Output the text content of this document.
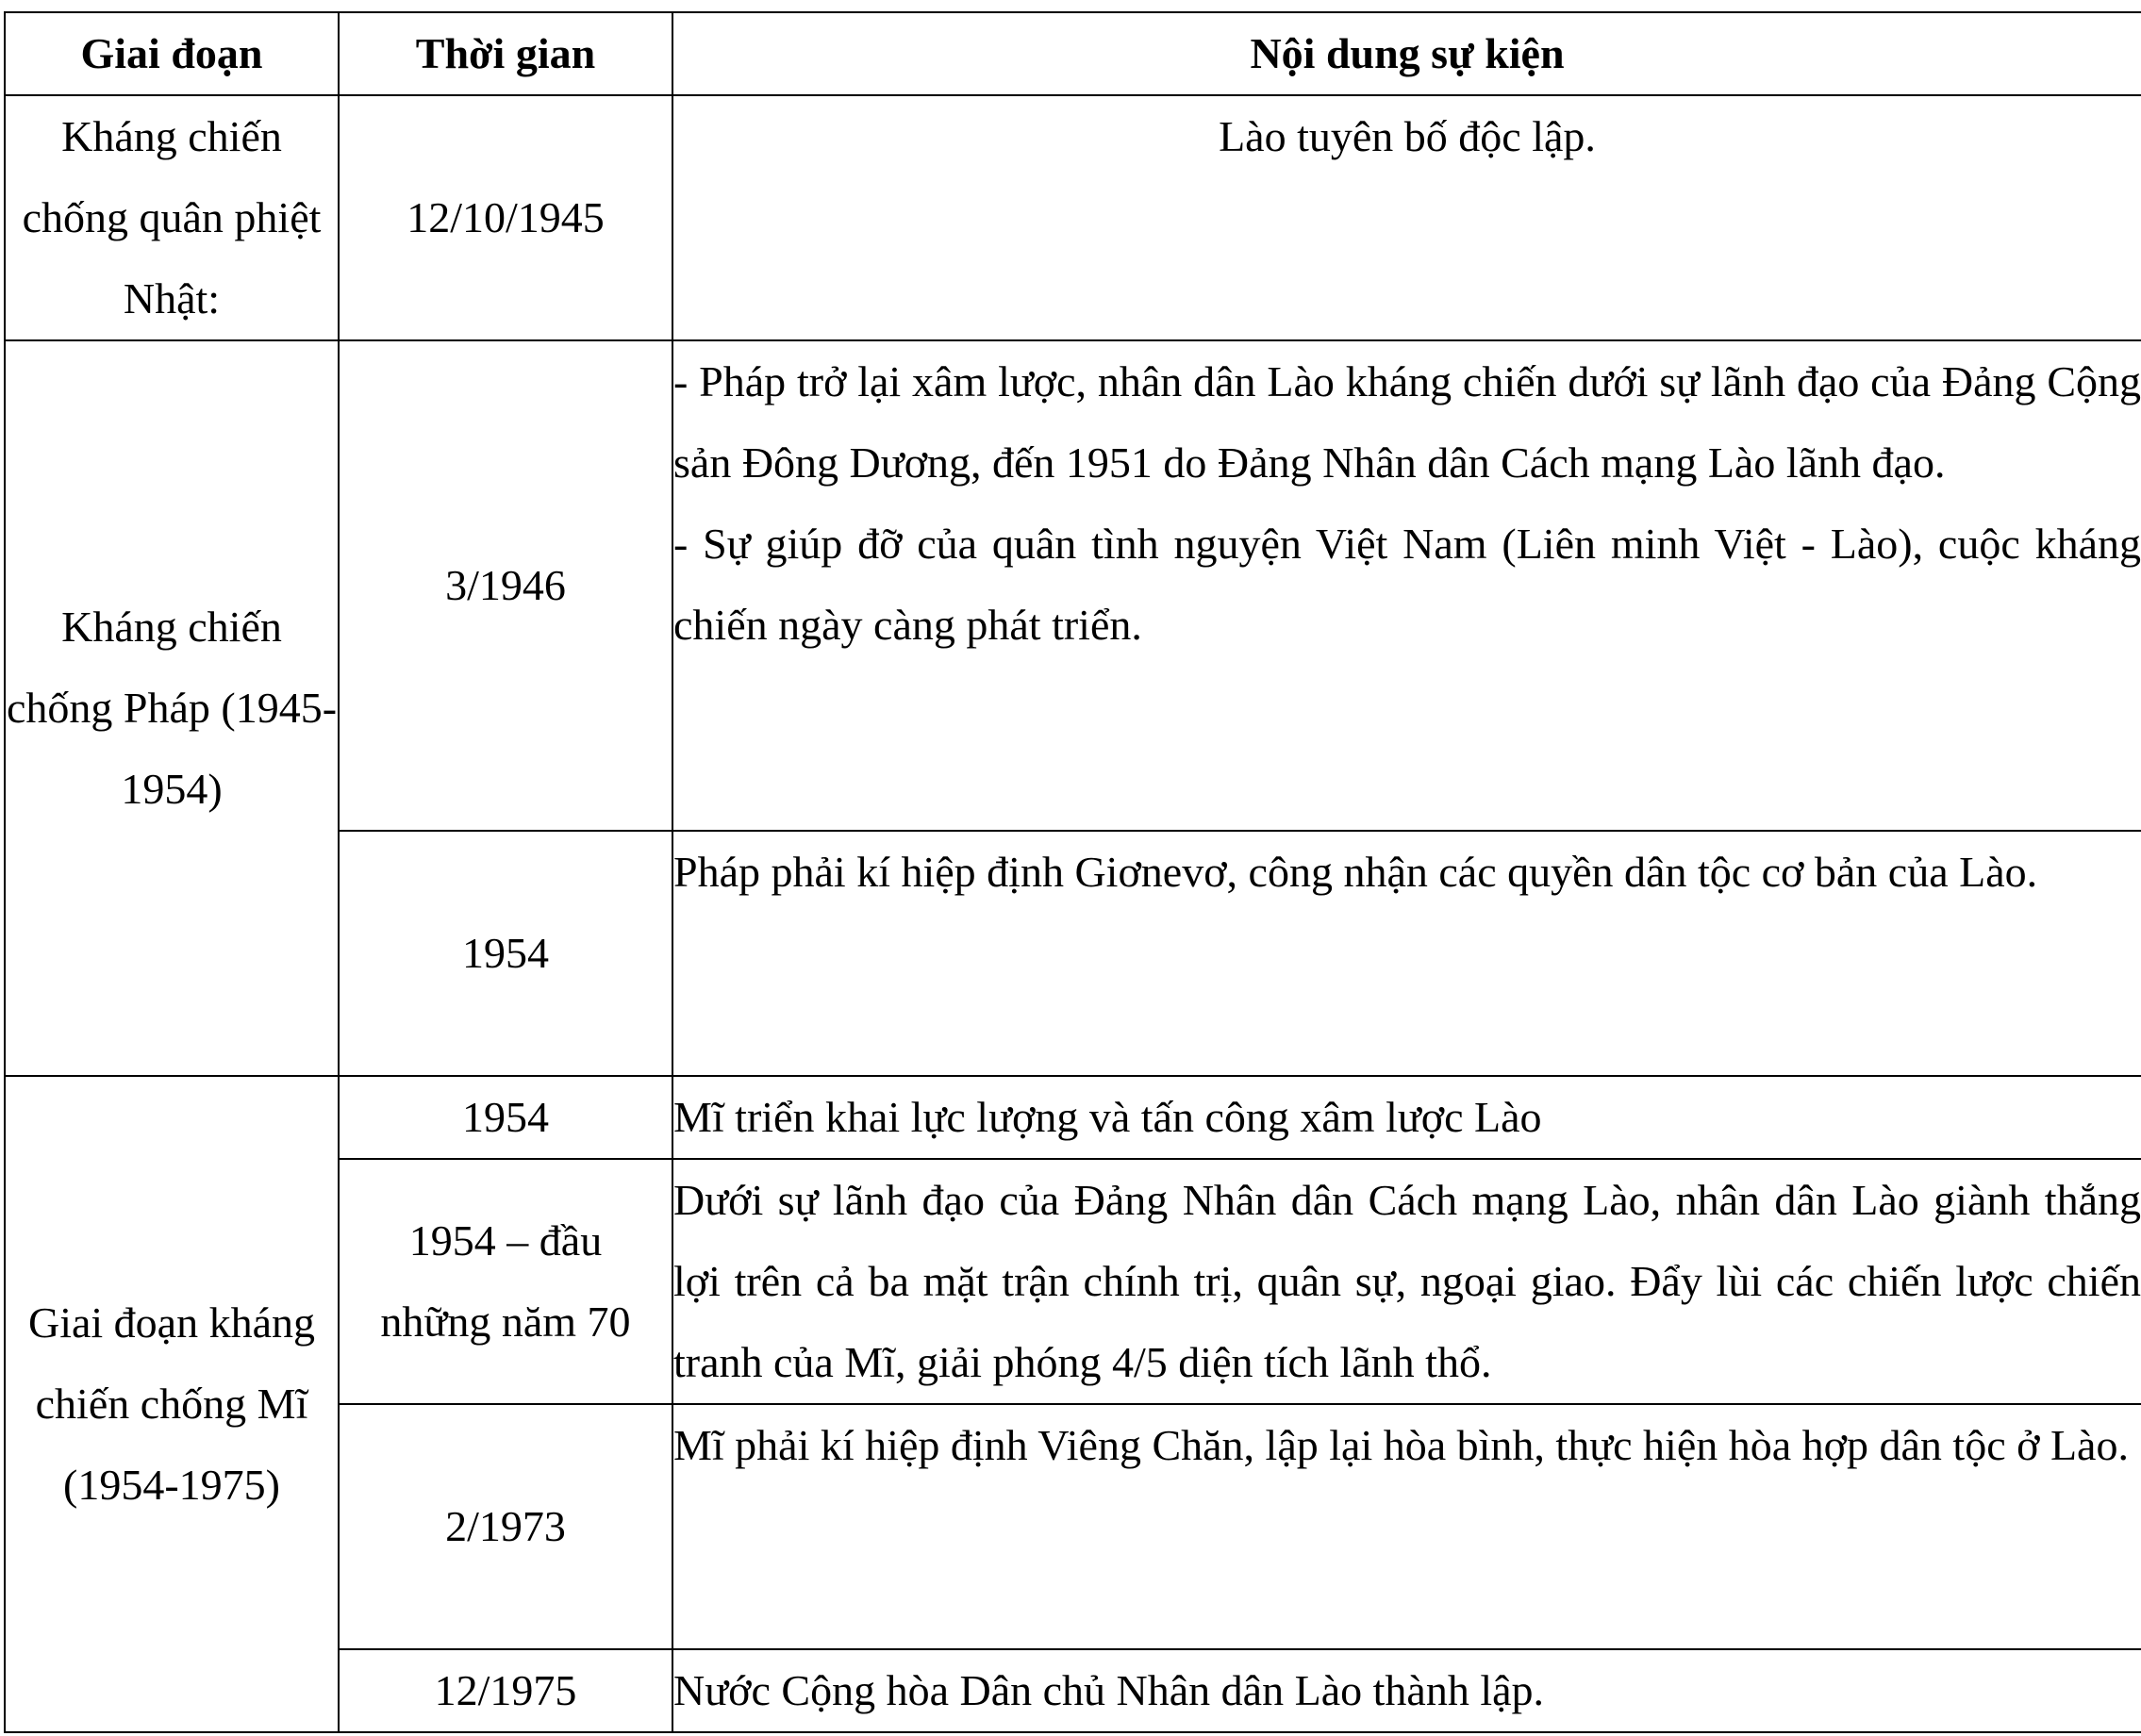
Giai đoạn	Thời gian	Nội dung sự kiện
Kháng chiến chống quân phiệt Nhật:	12/10/1945	Lào tuyên bố độc lập.

Kháng chiến chống Pháp (1945-1954)	3/1946	- Pháp trở lại xâm lược, nhân dân Lào kháng chiến dưới sự lãnh đạo của Đảng Cộng sản Đông Dương, đến 1951 do Đảng Nhân dân Cách mạng Lào lãnh đạo.

- Sự giúp đỡ của quân tình nguyện Việt Nam (Liên minh Việt - Lào), cuộc kháng chiến ngày càng phát triển.

	1954	Pháp phải kí hiệp định Giơnevơ, công nhận các quyền dân tộc cơ bản của Lào.

Giai đoạn kháng chiến chống Mĩ (1954-1975)	1954	Mĩ triển khai lực lượng và tấn công xâm lược Lào

	1954 – đầu những năm 70	Dưới sự lãnh đạo của Đảng Nhân dân Cách mạng Lào, nhân dân Lào giành thắng lợi trên cả ba mặt trận chính trị, quân sự, ngoại giao. Đẩy lùi các chiến lược chiến tranh của Mĩ, giải phóng 4/5 diện tích lãnh thổ.

	2/1973	Mĩ phải kí hiệp định Viêng Chăn, lập lại hòa bình, thực hiện hòa hợp dân tộc ở Lào.

	12/1975	Nước Cộng hòa Dân chủ Nhân dân Lào thành lập.
